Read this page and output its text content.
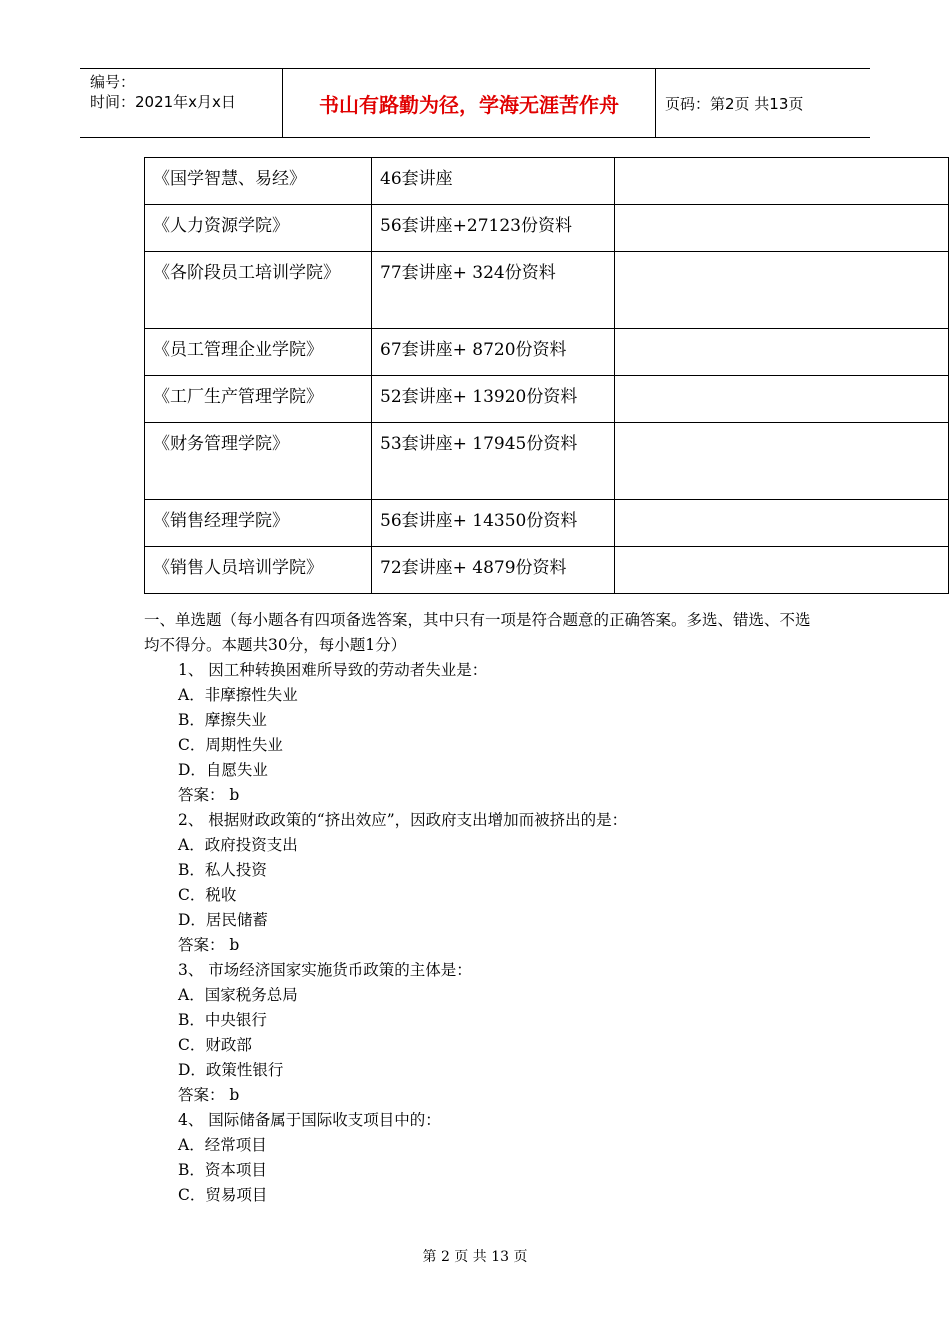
编号：
时间：2021年x月x日	书山有路勤为径，学海无涯苦作舟	页码：第2页 共13页
《国学智慧、易经》	46套讲座	
《人力资源学院》	56套讲座+27123份资料	

《各阶段员工培训学院》	77套讲座+ 324份资料	
《员工管理企业学院》	67套讲座+ 8720份资料	
《工厂生产管理学院》	52套讲座+ 13920份资料	
《财务管理学院》	53套讲座+ 17945份资料	

《销售经理学院》	56套讲座+ 14350份资料	
《销售人员培训学院》	72套讲座+ 4879份资料	

一、单选题（每小题各有四项备选答案，其中只有一项是符合题意的正确答案。多选、错选、不选均不得分。本题共30分，每小题1分）

1、 因工种转换困难所导致的劳动者失业是：
A．非摩擦性失业
B．摩擦失业
C．周期性失业
D．自愿失业
答案： b
2、 根据财政政策的“挤出效应”，因政府支出增加而被挤出的是：
A．政府投资支出
B．私人投资
C．税收
D．居民储蓄
答案： b
3、 市场经济国家实施货币政策的主体是：
A．国家税务总局
B．中央银行
C．财政部
D．政策性银行
答案： b
4、 国际储备属于国际收支项目中的：
A．经常项目
B．资本项目
C．贸易项目
第 2 页 共 13 页
